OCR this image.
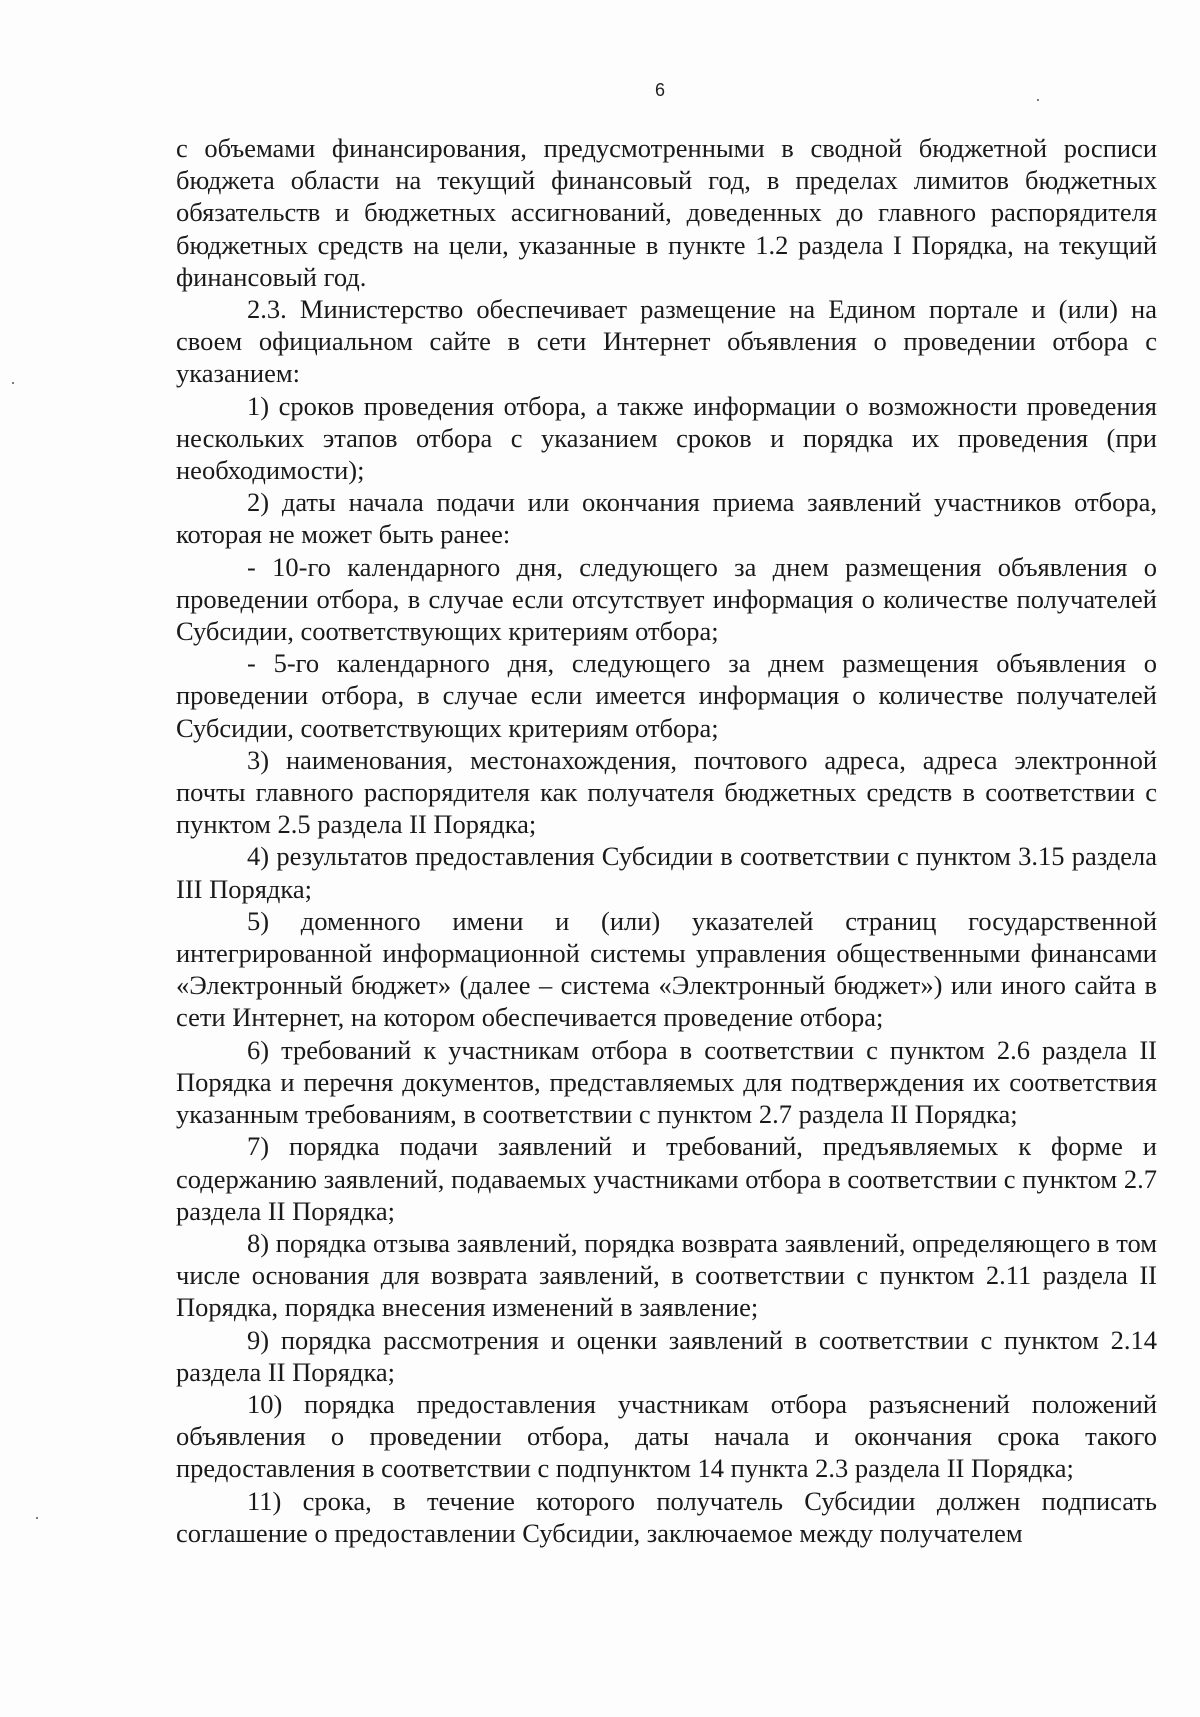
6

с объемами финансирования, предусмотренными в сводной бюджетной росписи бюджета области на текущий финансовый год, в пределах лимитов бюджетных обязательств и бюджетных ассигнований, доведенных до главного распорядителя бюджетных средств на цели, указанные в пункте 1.2 раздела I Порядка, на текущий финансовый год.

2.3. Министерство обеспечивает размещение на Едином портале и (или) на своем официальном сайте в сети Интернет объявления о проведении отбора с указанием:

1) сроков проведения отбора, а также информации о возможности проведения нескольких этапов отбора с указанием сроков и порядка их проведения (при необходимости);

2) даты начала подачи или окончания приема заявлений участников отбора, которая не может быть ранее:

- 10-го календарного дня, следующего за днем размещения объявления о проведении отбора, в случае если отсутствует информация о количестве получателей Субсидии, соответствующих критериям отбора;

- 5-го календарного дня, следующего за днем размещения объявления о проведении отбора, в случае если имеется информация о количестве получателей Субсидии, соответствующих критериям отбора;

3) наименования, местонахождения, почтового адреса, адреса электронной почты главного распорядителя как получателя бюджетных средств в соответствии с пунктом 2.5 раздела II Порядка;

4) результатов предоставления Субсидии в соответствии с пунктом 3.15 раздела III Порядка;

5) доменного имени и (или) указателей страниц государственной интегрированной информационной системы управления общественными финансами «Электронный бюджет» (далее – система «Электронный бюджет») или иного сайта в сети Интернет, на котором обеспечивается проведение отбора;

6) требований к участникам отбора в соответствии с пунктом 2.6 раздела II Порядка и перечня документов, представляемых для подтверждения их соответствия указанным требованиям, в соответствии с пунктом 2.7 раздела II Порядка;

7) порядка подачи заявлений и требований, предъявляемых к форме и содержанию заявлений, подаваемых участниками отбора в соответствии с пунктом 2.7 раздела II Порядка;

8) порядка отзыва заявлений, порядка возврата заявлений, определяющего в том числе основания для возврата заявлений, в соответствии с пунктом 2.11 раздела II Порядка, порядка внесения изменений в заявление;

9) порядка рассмотрения и оценки заявлений в соответствии с пунктом 2.14 раздела II Порядка;

10) порядка предоставления участникам отбора разъяснений положений объявления о проведении отбора, даты начала и окончания срока такого предоставления в соответствии с подпунктом 14 пункта 2.3 раздела II Порядка;

11) срока, в течение которого получатель Субсидии должен подписать соглашение о предоставлении Субсидии, заключаемое между получателем
